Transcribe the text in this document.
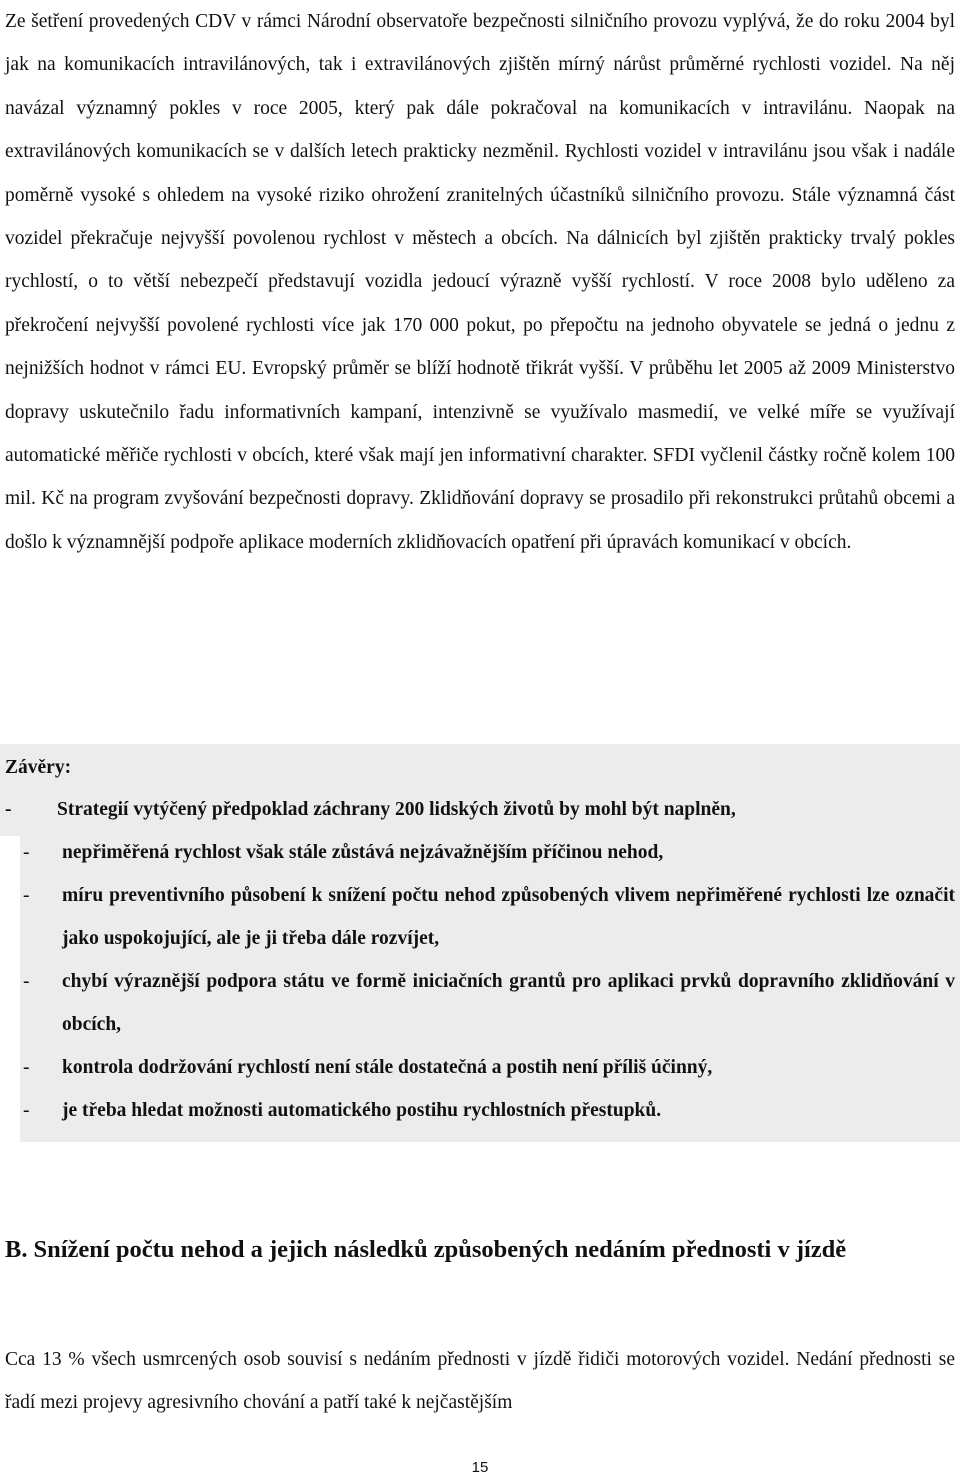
Ze šetření provedených CDV v rámci Národní observatoře bezpečnosti silničního provozu vyplývá, že do roku 2004 byl jak na komunikacích intravilánových, tak i extravilánových zjištěn mírný nárůst průměrné rychlosti vozidel. Na něj navázal významný pokles v roce 2005, který pak dále pokračoval na komunikacích v intravilánu. Naopak na extravilánových komunikacích se v dalších letech prakticky nezměnil. Rychlosti vozidel v intravilánu jsou však i nadále poměrně vysoké s ohledem na vysoké riziko ohrožení zranitelných účastníků silničního provozu. Stále významná část vozidel překračuje nejvyšší povolenou rychlost v městech a obcích. Na dálnicích byl zjištěn prakticky trvalý pokles rychlostí, o to větší nebezpečí představují vozidla jedoucí výrazně vyšší rychlostí. V roce 2008 bylo uděleno za překročení nejvyšší povolené rychlosti více jak 170 000 pokut, po přepočtu na jednoho obyvatele se jedná o jednu z nejnižších hodnot v rámci EU. Evropský průměr se blíží hodnotě třikrát vyšší. V průběhu let 2005 až 2009 Ministerstvo dopravy uskutečnilo řadu informativních kampaní, intenzivně se využívalo masmedií, ve velké míře se využívají automatické měřiče rychlosti v obcích, které však mají jen informativní charakter. SFDI vyčlenil částky ročně kolem 100 mil. Kč na program zvyšování bezpečnosti dopravy. Zklidňování dopravy se prosadilo při rekonstrukci průtahů obcemi a došlo k významnější podpoře aplikace moderních zklidňovacích opatření při úpravách komunikací v obcích.

Závěry:

- Strategií vytýčený předpoklad záchrany 200 lidských životů by mohl být naplněn,
- nepřiměřená rychlost však stále zůstává nejzávažnějším příčinou nehod,
- míru preventivního působení k snížení počtu nehod způsobených vlivem nepřiměřené rychlosti lze označit jako uspokojující, ale je ji třeba dále rozvíjet,
- chybí výraznější podpora státu ve formě iniciačních grantů pro aplikaci prvků dopravního zklidňování v obcích,
- kontrola dodržování rychlostí není stále dostatečná a postih není příliš účinný,
- je třeba hledat možnosti automatického postihu rychlostních přestupků.
B. Snížení počtu nehod a jejich následků způsobených nedáním přednosti v jízdě

Cca 13 % všech usmrcených osob souvisí s nedáním přednosti v jízdě řidiči motorových vozidel. Nedání přednosti se řadí mezi projevy agresivního chování a patří také k nejčastějším

15
